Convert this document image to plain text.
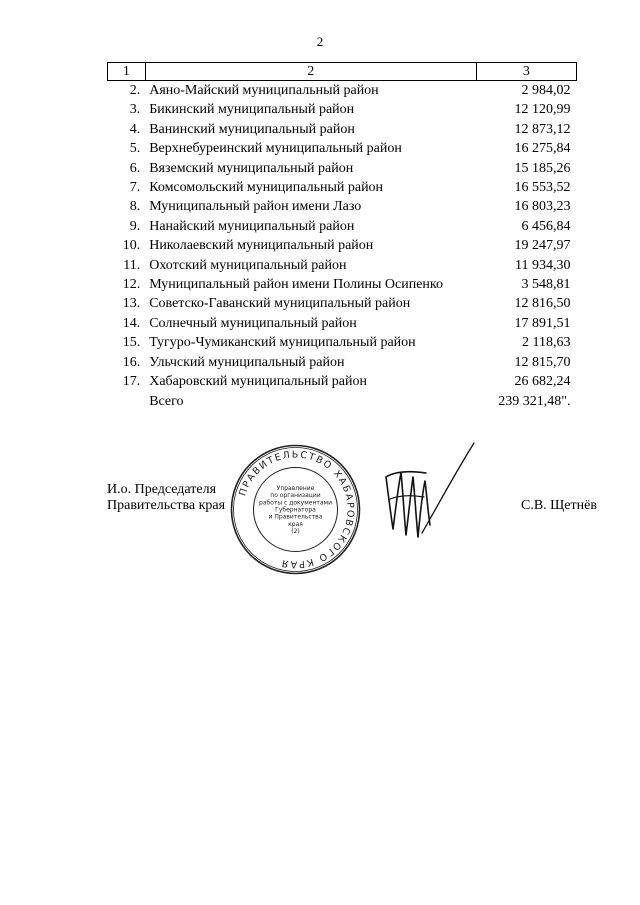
2
1	2	3
2.	Аяно-Майский муниципальный район	2 984,02
3.	Бикинский муниципальный район	12 120,99
4.	Ванинский муниципальный район	12 873,12
5.	Верхнебуреинский муниципальный район	16 275,84
6.	Вяземский муниципальный район	15 185,26
7.	Комсомольский муниципальный район	16 553,52
8.	Муниципальный район имени Лазо	16 803,23
9.	Нанайский муниципальный район	6 456,84
10.	Николаевский муниципальный район	19 247,97
11.	Охотский муниципальный район	11 934,30
12.	Муниципальный район имени Полины Осипенко	3 548,81
13.	Советско-Гаванский муниципальный район	12 816,50
14.	Солнечный муниципальный район	17 891,51
15.	Тугуро-Чумиканский муниципальный район	2 118,63
16.	Ульчский муниципальный район	12 815,70
17.	Хабаровский муниципальный район	26 682,24
	Всего	239 321,48".
И.о. Председателя
Правительства края
ПРАВИТЕЛЬСТВО ХАБАРОВСКОГО КРАЯ
Управление
по организации
работы с документами
Губернатора
и Правительства
края
(2)
С.В. Щетнёв
